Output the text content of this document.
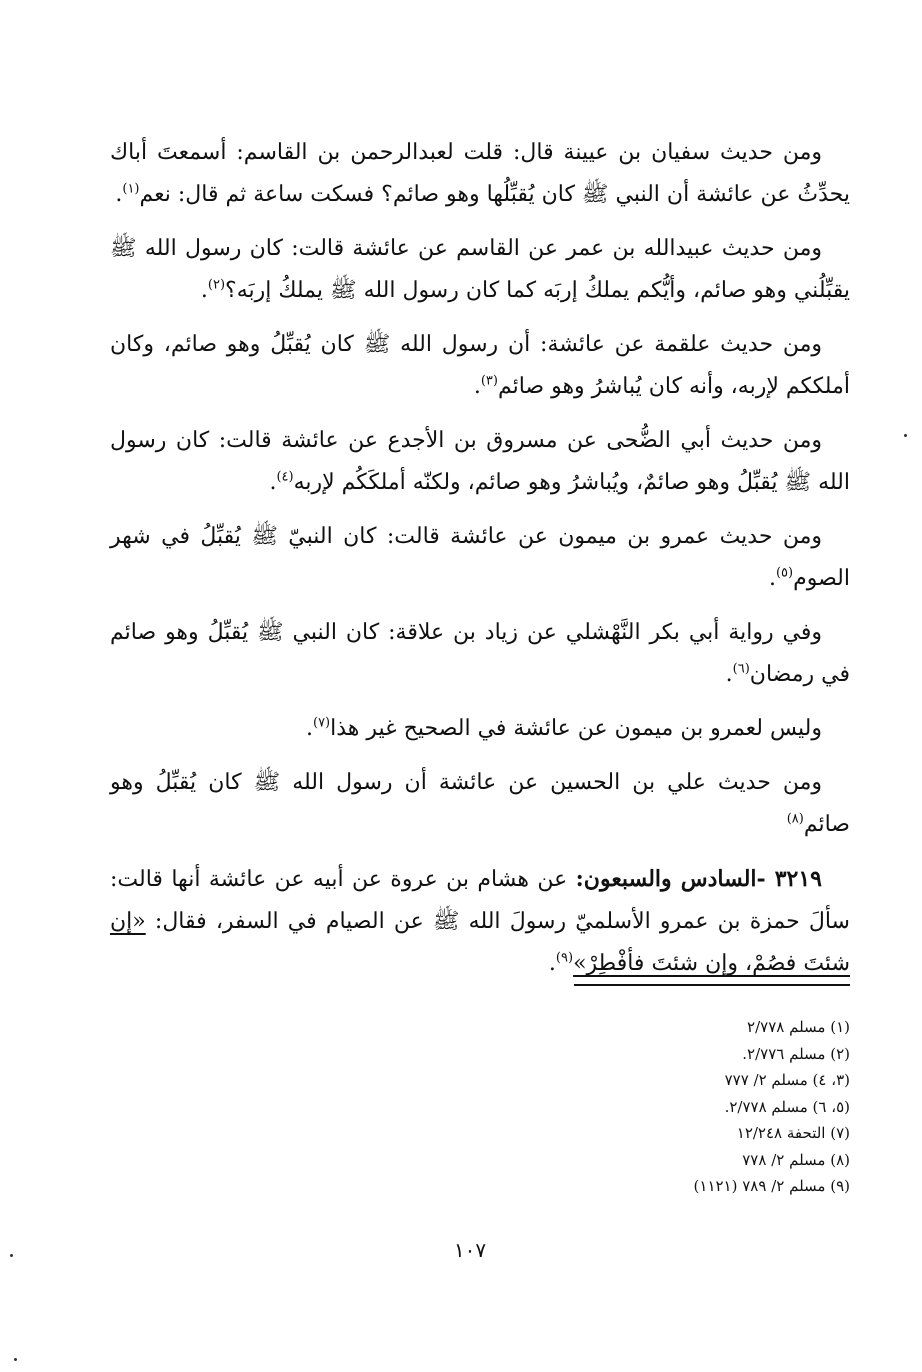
ومن حديث سفيان بن عيينة قال: قلت لعبدالرحمن بن القاسم: أسمعتَ أباك يحدِّثُ عن عائشة أن النبي ﷺ كان يُقبِّلُها وهو صائم؟ فسكت ساعة ثم قال: نعم$^{(١)}$.

ومن حديث عبيدالله بن عمر عن القاسم عن عائشة قالت: كان رسول الله ﷺ يقبِّلُني وهو صائم، وأيُّكم يملكُ إربَه كما كان رسول الله ﷺ يملكُ إربَه؟$^{(٢)}$.

ومن حديث علقمة عن عائشة: أن رسول الله ﷺ كان يُقبِّلُ وهو صائم، وكان أملككم لإربه، وأنه كان يُباشرُ وهو صائم$^{(٣)}$.

ومن حديث أبي الضُّحى عن مسروق بن الأجدع عن عائشة قالت: كان رسول الله ﷺ يُقبِّلُ وهو صائمٌ، ويُباشرُ وهو صائم، ولكنّه أملكَكُم لإربه$^{(٤)}$.

ومن حديث عمرو بن ميمون عن عائشة قالت: كان النبيّ ﷺ يُقبِّلُ في شهر الصوم$^{(٥)}$.

وفي رواية أبي بكر النَّهْشلي عن زياد بن علاقة: كان النبي ﷺ يُقبِّلُ وهو صائم في رمضان$^{(٦)}$.

وليس لعمرو بن ميمون عن عائشة في الصحيح غير هذا$^{(٧)}$.

ومن حديث علي بن الحسين عن عائشة أن رسول الله ﷺ كان يُقبِّلُ وهو صائم$^{(٨)}$

٣٢١٩ -السادس والسبعون: عن هشام بن عروة عن أبيه عن عائشة أنها قالت: سألَ حمزة بن عمرو الأسلميّ رسولَ الله ﷺ عن الصيام في السفر، فقال: «إن شئتَ فصُمْ، وإن شئتَ فأفْطِرْ»$^{(٩)}$.

(١) مسلم ٢/٧٧٨

(٢) مسلم ٢/٧٧٦.

(٣، ٤) مسلم ٢/ ٧٧٧

(٥، ٦) مسلم ٢/٧٧٨.

(٧) التحفة ١٢/٢٤٨

(٨) مسلم ٢/ ٧٧٨

(٩) مسلم ٢/ ٧٨٩ (١١٢١)

١٠٧
